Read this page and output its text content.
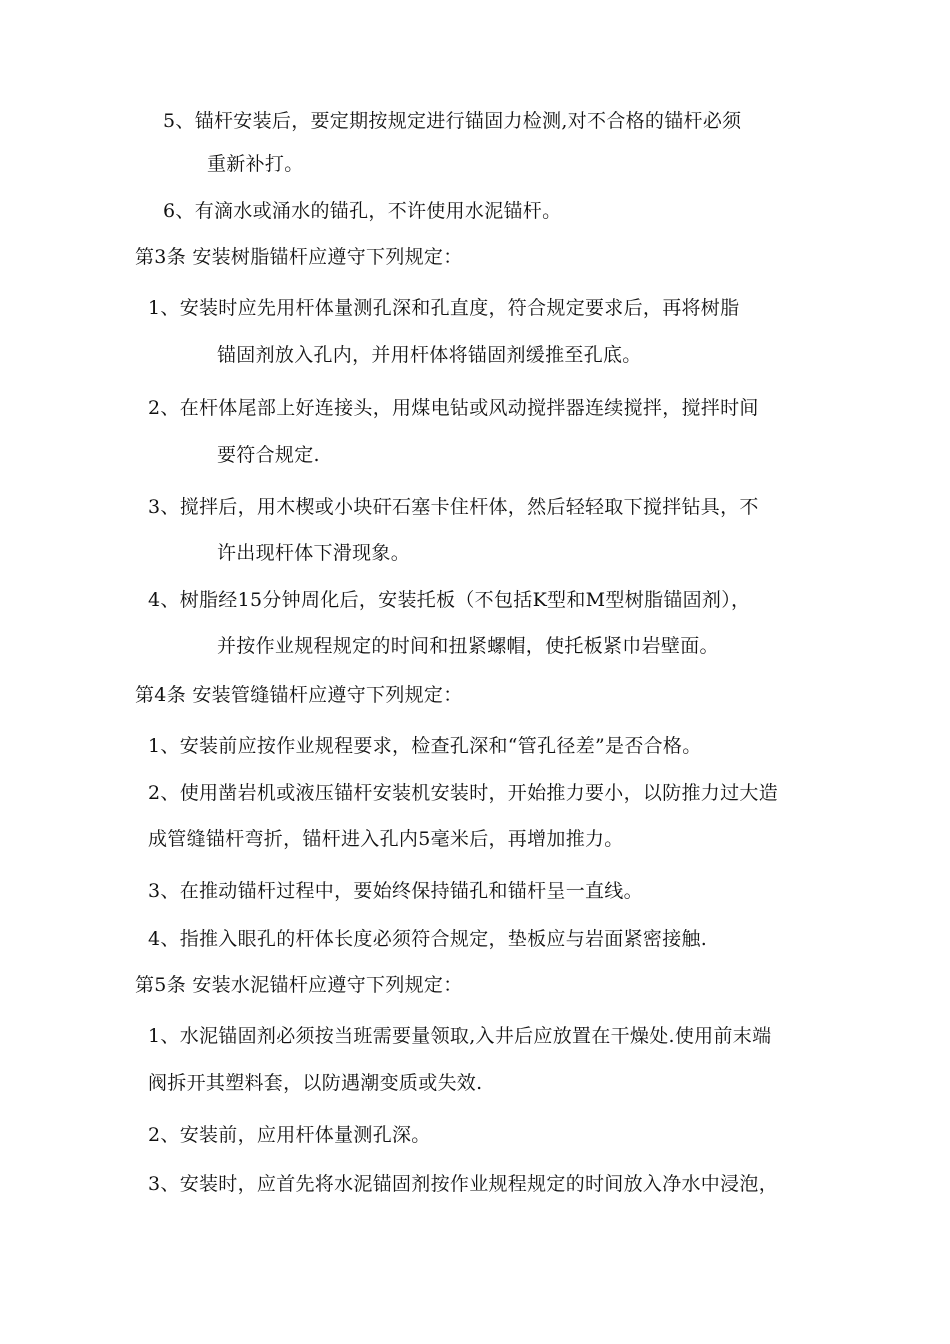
5、锚杆安装后，要定期按规定进行锚固力检测,对不合格的锚杆必须
重新补打。
6、有滴水或涌水的锚孔，不许使用水泥锚杆。
第3条 安装树脂锚杆应遵守下列规定：
1、安装时应先用杆体量测孔深和孔直度，符合规定要求后，再将树脂
锚固剂放入孔内，并用杆体将锚固剂缓推至孔底。
2、在杆体尾部上好连接头，用煤电钻或风动搅拌器连续搅拌，搅拌时间
要符合规定.
3、搅拌后，用木楔或小块矸石塞卡住杆体，然后轻轻取下搅拌钻具，不
许出现杆体下滑现象。
4、树脂经15分钟周化后，安装托板（不包括K型和M型树脂锚固剂），
并按作业规程规定的时间和扭紧螺帽，使托板紧巾岩壁面。
第4条 安装管缝锚杆应遵守下列规定：
1、安装前应按作业规程要求，检查孔深和“管孔径差”是否合格。
2、使用凿岩机或液压锚杆安装机安装时，开始推力要小，以防推力过大造
成管缝锚杆弯折，锚杆进入孔内5毫米后，再增加推力。
3、在推动锚杆过程中，要始终保持锚孔和锚杆呈一直线。
4、指推入眼孔的杆体长度必须符合规定，垫板应与岩面紧密接触.
第5条 安装水泥锚杆应遵守下列规定：
1、水泥锚固剂必须按当班需要量领取,入井后应放置在干燥处.使用前末端
阀拆开其塑料套，以防遇潮变质或失效.
2、安装前，应用杆体量测孔深。
3、安装时，应首先将水泥锚固剂按作业规程规定的时间放入净水中浸泡，
